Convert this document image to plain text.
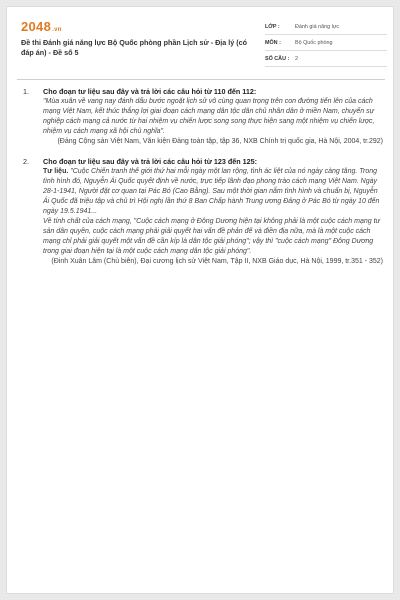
2048.vn
Đề thi Đánh giá năng lực Bộ Quốc phòng phần Lịch sử - Địa lý (có đáp án) - Đề số 5
LỚP :	Đánh giá năng lực
MÔN :	Bộ Quốc phòng
SỐ CÂU :	2
1. Cho đoạn tư liệu sau đây và trả lời các câu hỏi từ 110 đến 112:
"Mùa xuân về vang nay đánh dấu bước ngoặt lịch sử vô cùng quan trọng trên con đường tiến lên của cách mạng Việt Nam, kết thúc thắng lợi giai đoạn cách mạng dân tộc dân chủ nhân dân ở miền Nam, chuyển sự nghiệp cách mạng cả nước từ hai nhiệm vụ chiến lược song song thực hiện sang một nhiệm vụ chiến lược, nhiệm vụ cách mạng xã hội chủ nghĩa".
(Đảng Cộng sản Việt Nam, Văn kiện Đảng toàn tập, tập 36, NXB Chính trị quốc gia, Hà Nội, 2004, tr.292)
2. Cho đoạn tư liệu sau đây và trả lời các câu hỏi từ 123 đến 125:
Tư liệu. "Cuộc Chiến tranh thế giới thứ hai mỗi ngày một lan rộng, tình ác liệt của nó ngày càng tăng. Trong tình hình đó, Nguyễn Ái Quốc quyết định về nước, trực tiếp lãnh đạo phong trào cách mạng Việt Nam. Ngày 28-1-1941, Người đặt cơ quan tại Pác Bó (Cao Bằng). Sau một thời gian nắm tình hình và chuẩn bị, Nguyễn Ái Quốc đã triệu tập và chủ trì Hội nghị lần thứ 8 Ban Chấp hành Trung ương Đảng ở Pác Bó từ ngày 10 đến ngày 19.5.1941...
Về tính chất của cách mạng, "Cuộc cách mạng ở Đông Dương hiện tại không phải là một cuộc cách mạng tư sản dân quyền, cuộc cách mạng phải giải quyết hai vấn đề phản đế và điền địa nữa, mà là một cuộc cách mạng chỉ phải giải quyết một vấn đề cần kíp là dân tộc giải phóng"; vậy thì "cuộc cách mạng" Đông Dương trong giai đoạn hiện tại là một cuộc cách mạng dân tộc giải phóng".
(Đinh Xuân Lâm (Chủ biên), Đại cương lịch sử Việt Nam, Tập II, NXB Giáo dục, Hà Nội, 1999, tr.351 - 352)
